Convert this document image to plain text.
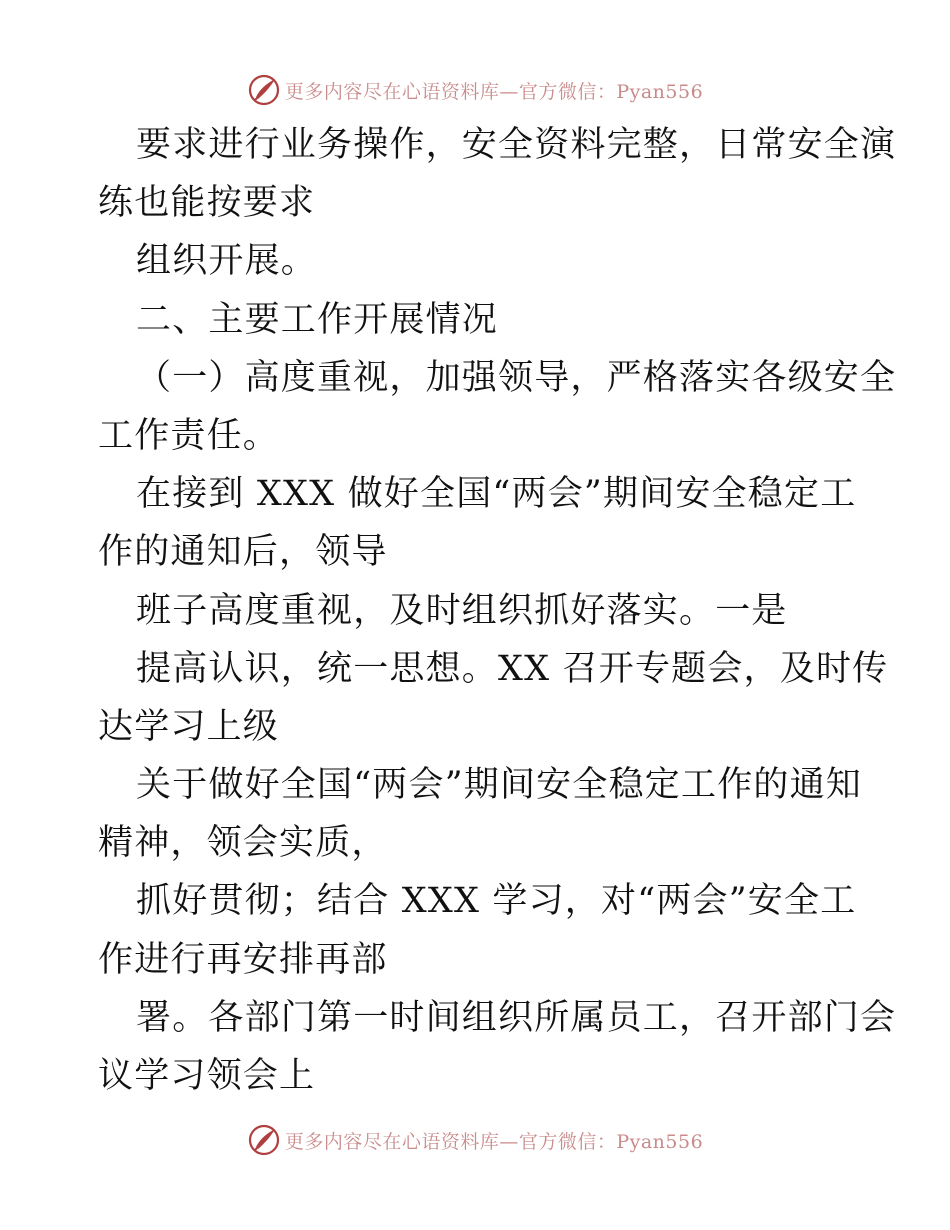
更多内容尽在心语资料库—官方微信：Pyan556
要求进行业务操作，安全资料完整，日常安全演
练也能按要求
组织开展。
二、主要工作开展情况
（一）高度重视，加强领导，严格落实各级安全
工作责任。
在接到 XXX 做好全国“两会”期间安全稳定工
作的通知后，领导
班子高度重视，及时组织抓好落实。一是
提高认识，统一思想。XX 召开专题会，及时传
达学习上级
关于做好全国“两会”期间安全稳定工作的通知
精神，领会实质，
抓好贯彻；结合 XXX 学习，对“两会”安全工
作进行再安排再部
署。各部门第一时间组织所属员工，召开部门会
议学习领会上
更多内容尽在心语资料库—官方微信：Pyan556
